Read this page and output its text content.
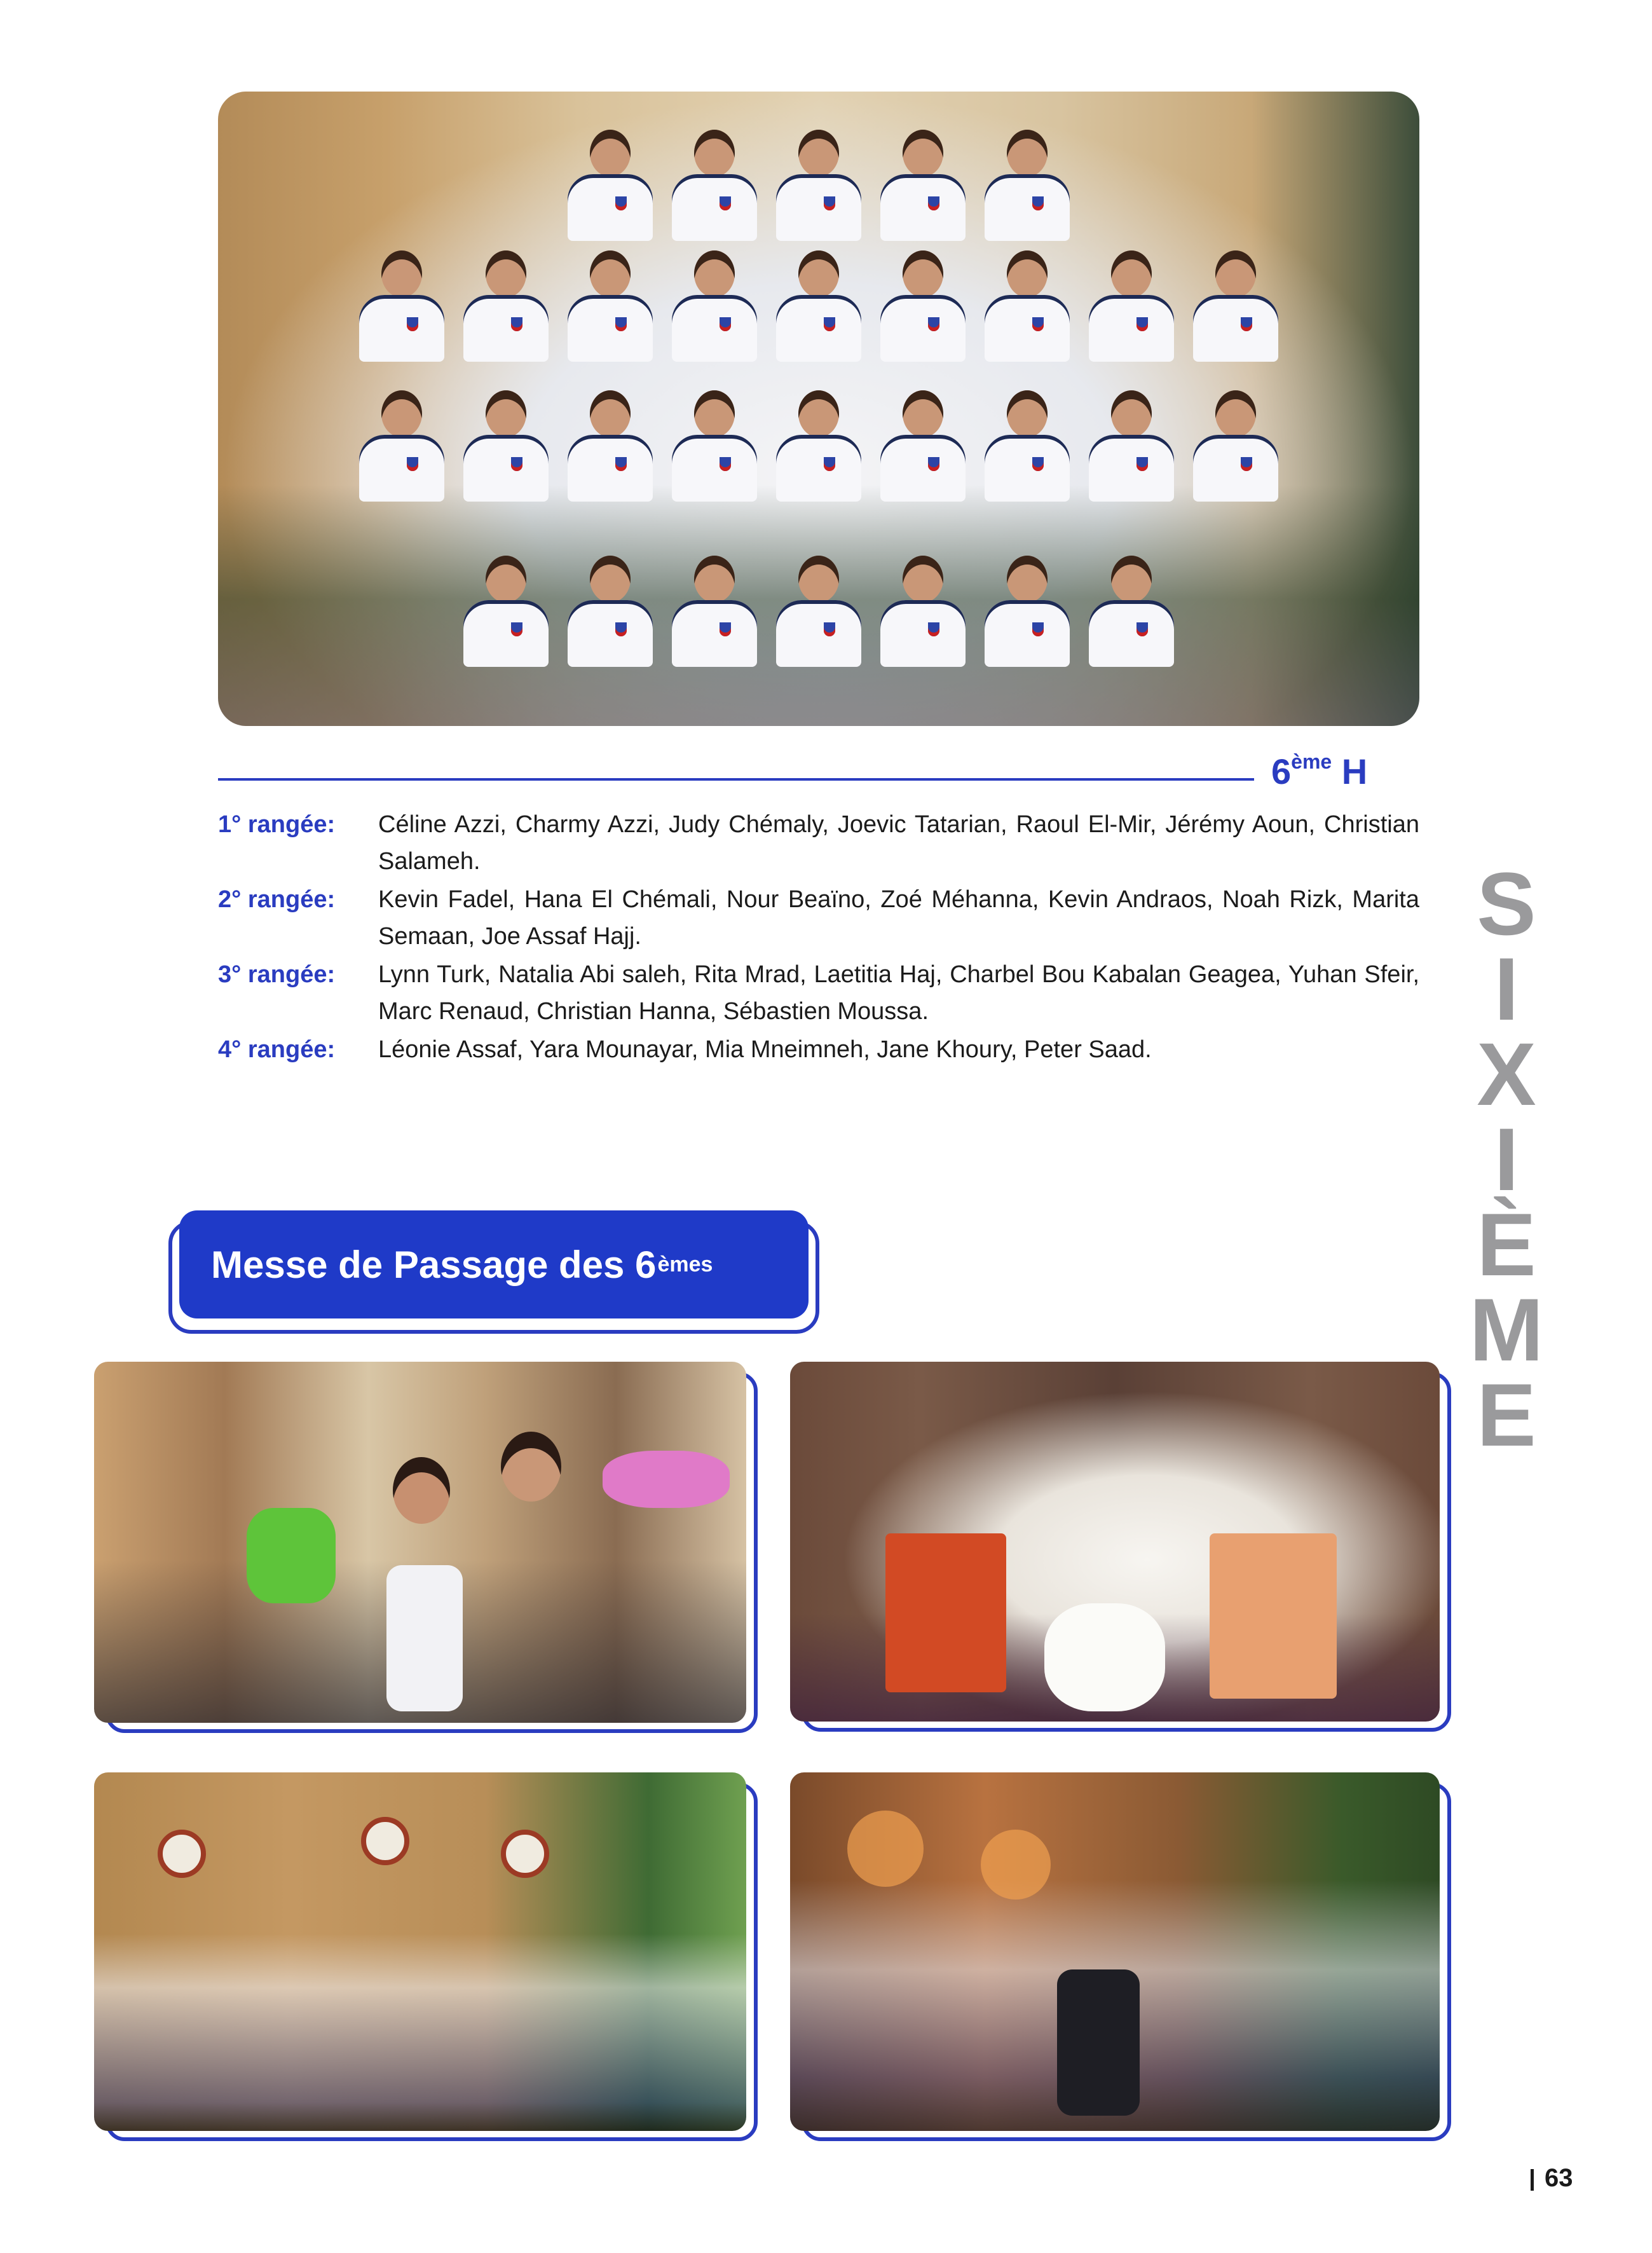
6ème H
1° rangée:	Céline Azzi, Charmy Azzi, Judy Chémaly, Joevic Tatarian, Raoul El-Mir, Jérémy Aoun, Christian Salameh.
2° rangée:	Kevin Fadel, Hana El Chémali, Nour Beaïno, Zoé Méhanna, Kevin Andraos, Noah Rizk, Marita Semaan, Joe Assaf Hajj.
3° rangée:	Lynn Turk, Natalia Abi saleh, Rita Mrad, Laetitia Haj, Charbel Bou Kabalan Geagea, Yuhan Sfeir, Marc Renaud, Christian Hanna, Sébastien Moussa.
4° rangée:	Léonie Assaf, Yara Mounayar, Mia Mneimneh, Jane Khoury, Peter Saad.
S
I
X
I
È
M
E
Messe de Passage des 6 èmes
63
